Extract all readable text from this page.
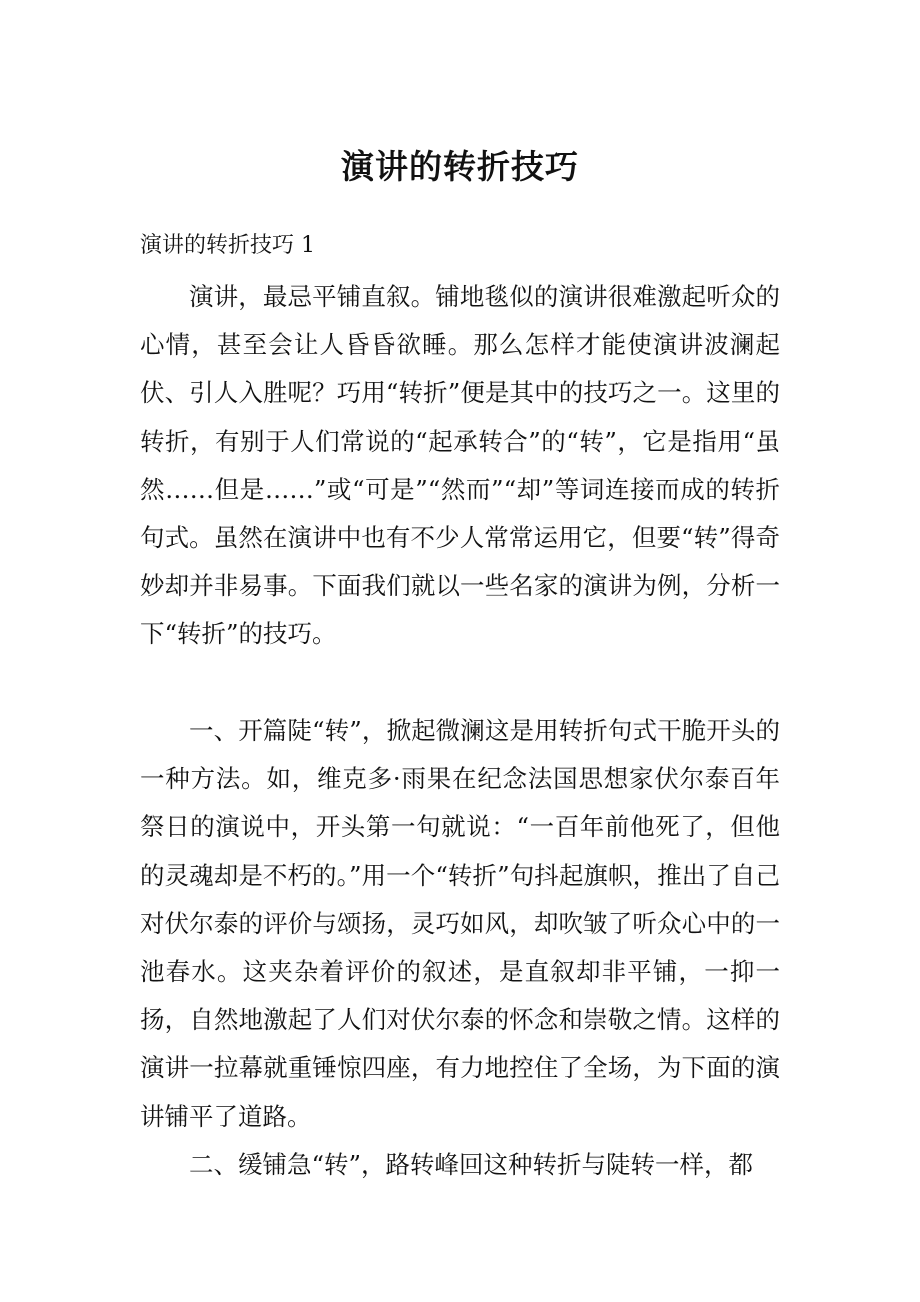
演讲的转折技巧
演讲的转折技巧 1

演讲，最忌平铺直叙。铺地毯似的演讲很难激起听众的心情，甚至会让人昏昏欲睡。那么怎样才能使演讲波澜起伏、引人入胜呢？巧用“转折”便是其中的技巧之一。这里的转折，有别于人们常说的“起承转合”的“转”，它是指用“虽然……但是……”或“可是”“然而”“却”等词连接而成的转折句式。虽然在演讲中也有不少人常常运用它，但要“转”得奇妙却并非易事。下面我们就以一些名家的演讲为例，分析一下“转折”的技巧。

一、开篇陡“转”，掀起微澜这是用转折句式干脆开头的一种方法。如，维克多·雨果在纪念法国思想家伏尔泰百年祭日的演说中，开头第一句就说：“一百年前他死了，但他的灵魂却是不朽的。”用一个“转折”句抖起旗帜，推出了自己对伏尔泰的评价与颂扬，灵巧如风，却吹皱了听众心中的一池春水。这夹杂着评价的叙述，是直叙却非平铺，一抑一扬，自然地激起了人们对伏尔泰的怀念和崇敬之情。这样的演讲一拉幕就重锤惊四座，有力地控住了全场，为下面的演讲铺平了道路。

二、缓铺急“转”，路转峰回这种转折与陡转一样，都
